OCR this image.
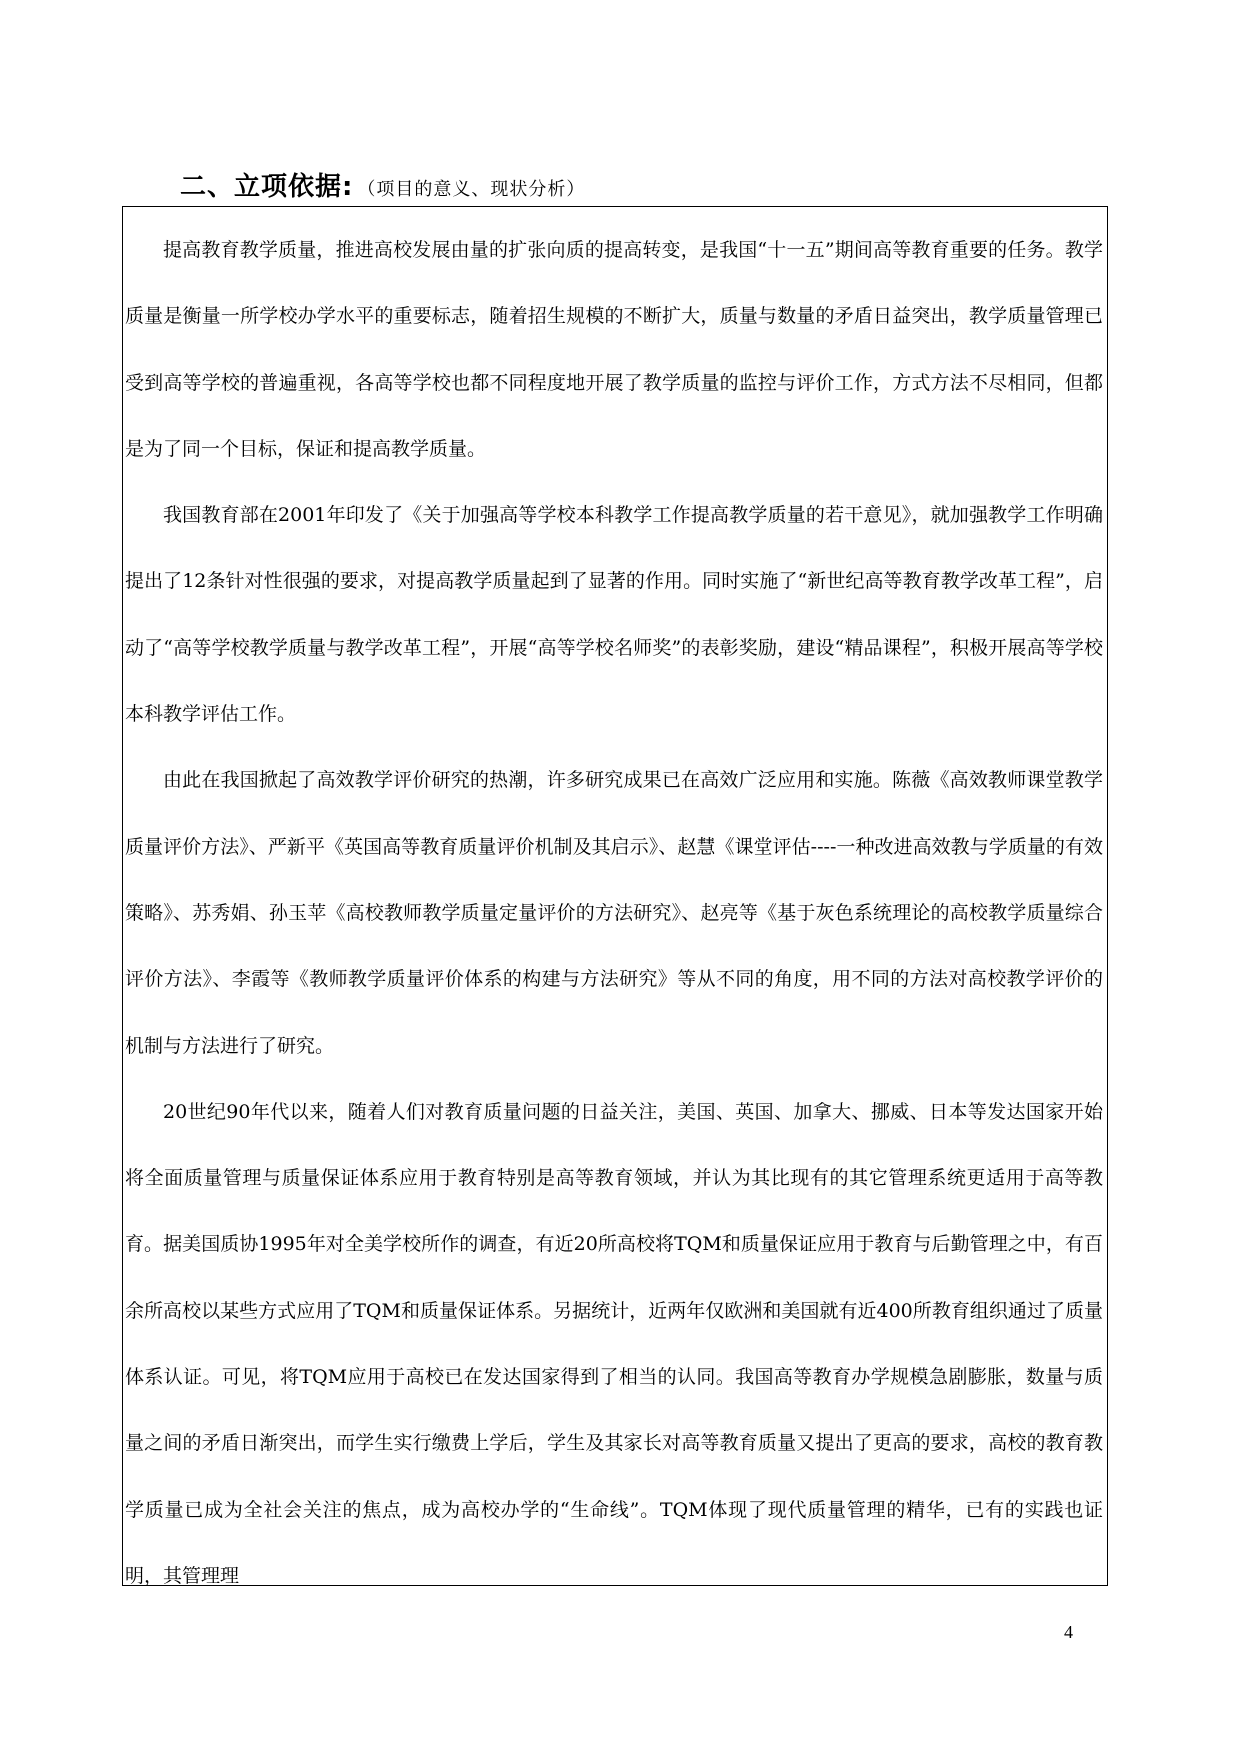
二、立项依据: （项目的意义、现状分析）

提高教育教学质量，推进高校发展由量的扩张向质的提高转变，是我国“十一五”期间高等教育重要的任务。教学质量是衡量一所学校办学水平的重要标志，随着招生规模的不断扩大，质量与数量的矛盾日益突出，教学质量管理已受到高等学校的普遍重视，各高等学校也都不同程度地开展了教学质量的监控与评价工作，方式方法不尽相同，但都是为了同一个目标，保证和提高教学质量。

我国教育部在2001年印发了《关于加强高等学校本科教学工作提高教学质量的若干意见》，就加强教学工作明确提出了12条针对性很强的要求，对提高教学质量起到了显著的作用。同时实施了“新世纪高等教育教学改革工程”，启动了“高等学校教学质量与教学改革工程”，开展“高等学校名师奖”的表彰奖励，建设“精品课程”，积极开展高等学校本科教学评估工作。

由此在我国掀起了高效教学评价研究的热潮，许多研究成果已在高效广泛应用和实施。陈薇《高效教师课堂教学质量评价方法》、严新平《英国高等教育质量评价机制及其启示》、赵慧《课堂评估----一种改进高效教与学质量的有效策略》、苏秀娟、孙玉苹《高校教师教学质量定量评价的方法研究》、赵亮等《基于灰色系统理论的高校教学质量综合评价方法》、李霞等《教师教学质量评价体系的构建与方法研究》等从不同的角度，用不同的方法对高校教学评价的机制与方法进行了研究。

20世纪90年代以来，随着人们对教育质量问题的日益关注，美国、英国、加拿大、挪威、日本等发达国家开始将全面质量管理与质量保证体系应用于教育特别是高等教育领域，并认为其比现有的其它管理系统更适用于高等教育。据美国质协1995年对全美学校所作的调查，有近20所高校将TQM和质量保证应用于教育与后勤管理之中，有百余所高校以某些方式应用了TQM和质量保证体系。另据统计，近两年仅欧洲和美国就有近400所教育组织通过了质量体系认证。可见，将TQM应用于高校已在发达国家得到了相当的认同。我国高等教育办学规模急剧膨胀，数量与质量之间的矛盾日渐突出，而学生实行缴费上学后，学生及其家长对高等教育质量又提出了更高的要求，高校的教育教学质量已成为全社会关注的焦点，成为高校办学的“生命线”。TQM体现了现代质量管理的精华，已有的实践也证明，其管理理

4
